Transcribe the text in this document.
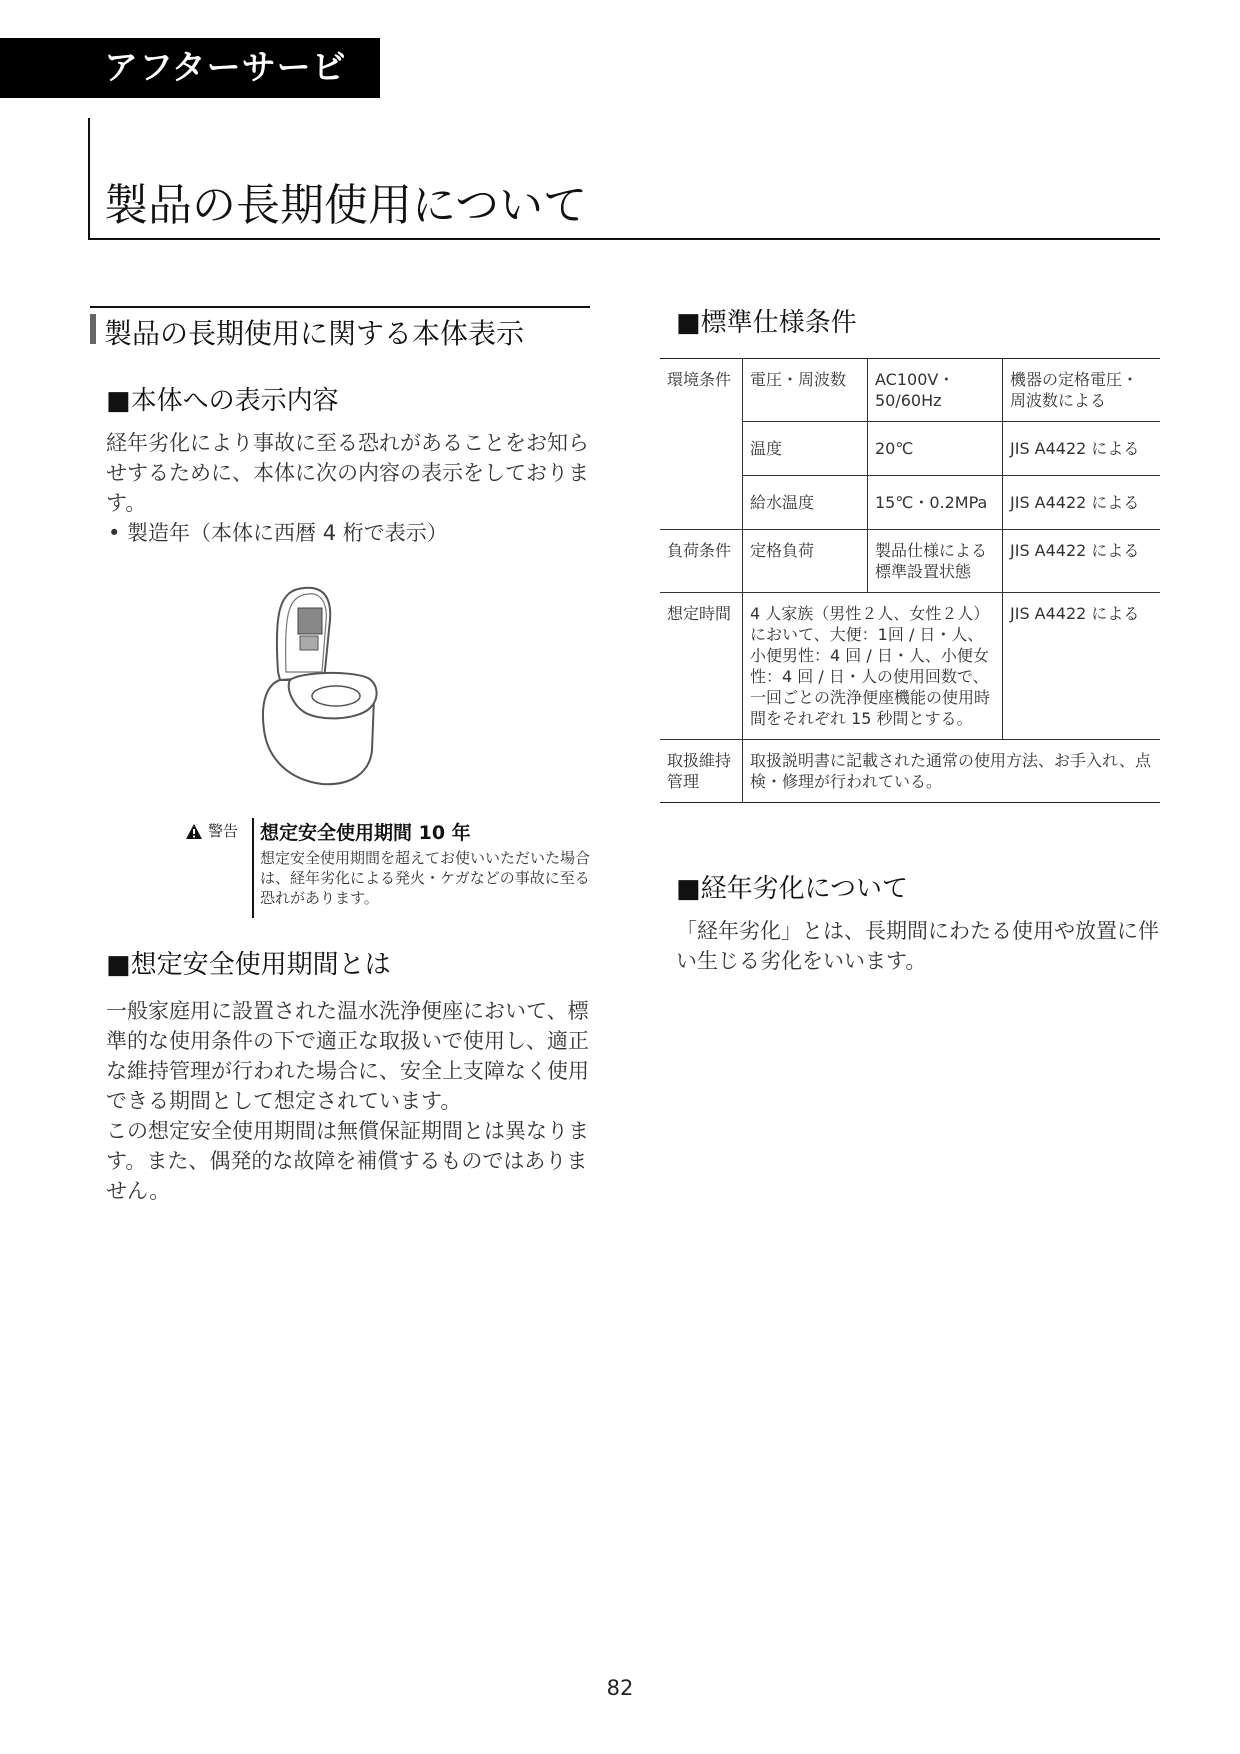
アフターサービス
製品の長期使用について
製品の長期使用に関する本体表示
■本体への表示内容

経年劣化により事故に至る恐れがあることをお知らせするために、本体に次の内容の表示をしております。

• 製造年（本体に西暦 4 桁で表示）

警告 想定安全使用期間 10 年
想定安全使用期間を超えてお使いいただいた場合は、経年劣化による発火・ケガなどの事故に至る恐れがあります。
■想定安全使用期間とは

一般家庭用に設置された温水洗浄便座において、標準的な使用条件の下で適正な取扱いで使用し、適正な維持管理が行われた場合に、安全上支障なく使用できる期間として想定されています。

この想定安全使用期間は無償保証期間とは異なります。また、偶発的な故障を補償するものではありません。

■標準仕様条件
環境条件	電圧・周波数	AC100V・50/60Hz	機器の定格電圧・周波数による
	温度	20℃	JIS A4422 による
	給水温度	15℃・0.2MPa	JIS A4422 による
負荷条件	定格負荷	製品仕様による標準設置状態	JIS A4422 による
想定時間	4 人家族（男性２人、女性２人）において、大便：1回 / 日・人、小便男性：4 回 / 日・人、小便女性：4 回 / 日・人の使用回数で、一回ごとの洗浄便座機能の使用時間をそれぞれ 15 秒間とする。		JIS A4422 による
取扱維持管理	取扱説明書に記載された通常の使用方法、お手入れ、点検・修理が行われている。		
■経年劣化について

「経年劣化」とは、長期間にわたる使用や放置に伴い生じる劣化をいいます。

82
